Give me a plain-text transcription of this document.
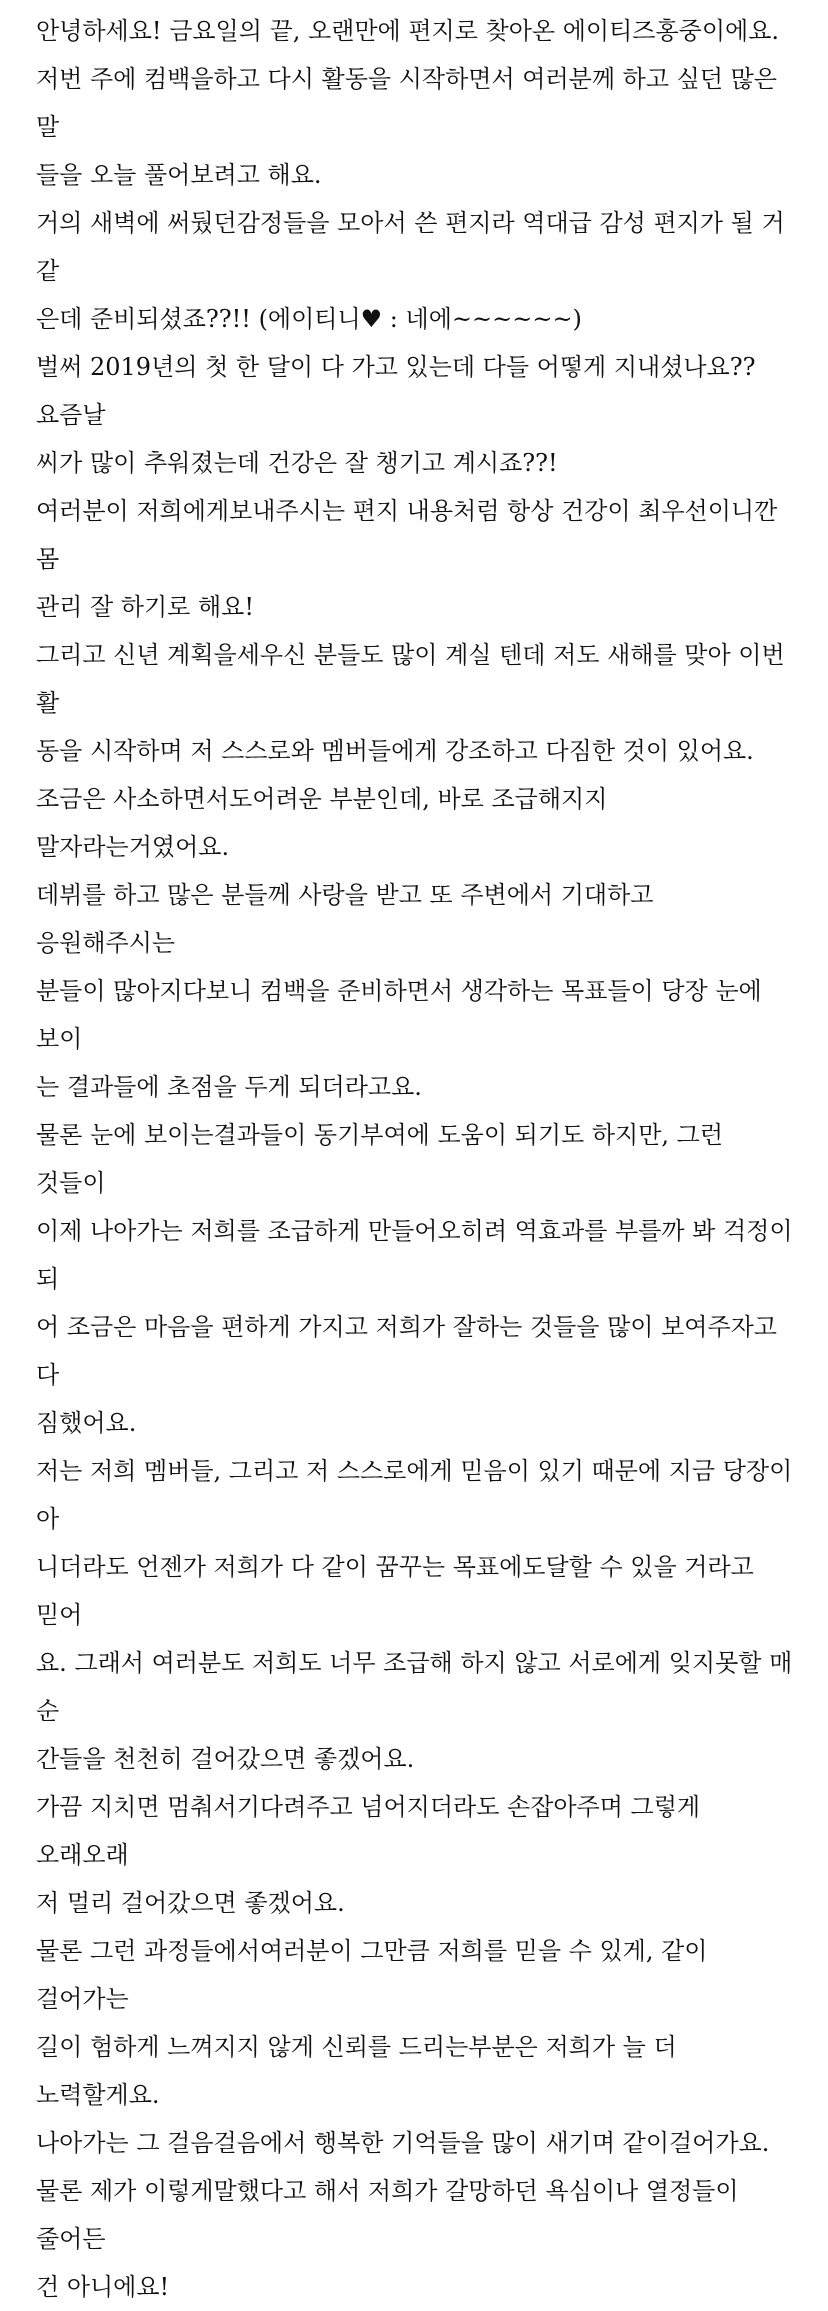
안녕하세요! 금요일의 끝, 오랜만에 편지로 찾아온 에이티즈홍중이에요.

저번 주에 컴백을하고 다시 활동을 시작하면서 여러분께 하고 싶던 많은 말
들을 오늘 풀어보려고 해요.

거의 새벽에 써뒀던감정들을 모아서 쓴 편지라 역대급 감성 편지가 될 거 같
은데 준비되셨죠??!! (에이티니♥ : 네에~~~~~~)

벌써 2019년의 첫 한 달이 다 가고 있는데 다들 어떻게 지내셨나요?? 요즘날
씨가 많이 추워졌는데 건강은 잘 챙기고 계시죠??!

여러분이 저희에게보내주시는 편지 내용처럼 항상 건강이 최우선이니깐 몸
관리 잘 하기로 해요!

그리고 신년 계획을세우신 분들도 많이 계실 텐데 저도 새해를 맞아 이번 활
동을 시작하며 저 스스로와 멤버들에게 강조하고 다짐한 것이 있어요.

조금은 사소하면서도어려운 부분인데, 바로 조급해지지 말자라는거였어요.

데뷔를 하고 많은 분들께 사랑을 받고 또 주변에서 기대하고 응원해주시는
분들이 많아지다보니 컴백을 준비하면서 생각하는 목표들이 당장 눈에 보이
는 결과들에 초점을 두게 되더라고요.

물론 눈에 보이는결과들이 동기부여에 도움이 되기도 하지만, 그런 것들이
이제 나아가는 저희를 조급하게 만들어오히려 역효과를 부를까 봐 걱정이 되
어 조금은 마음을 편하게 가지고 저희가 잘하는 것들을 많이 보여주자고 다
짐했어요.

저는 저희 멤버들, 그리고 저 스스로에게 믿음이 있기 때문에 지금 당장이 아
니더라도 언젠가 저희가 다 같이 꿈꾸는 목표에도달할 수 있을 거라고 믿어
요. 그래서 여러분도 저희도 너무 조급해 하지 않고 서로에게 잊지못할 매 순
간들을 천천히 걸어갔으면 좋겠어요.

가끔 지치면 멈춰서기다려주고 넘어지더라도 손잡아주며 그렇게 오래오래
저 멀리 걸어갔으면 좋겠어요.

물론 그런 과정들에서여러분이 그만큼 저희를 믿을 수 있게, 같이 걸어가는
길이 험하게 느껴지지 않게 신뢰를 드리는부분은 저희가 늘 더 노력할게요.

나아가는 그 걸음걸음에서 행복한 기억들을 많이 새기며 같이걸어가요.

물론 제가 이렇게말했다고 해서 저희가 갈망하던 욕심이나 열정들이 줄어든
건 아니에요!
